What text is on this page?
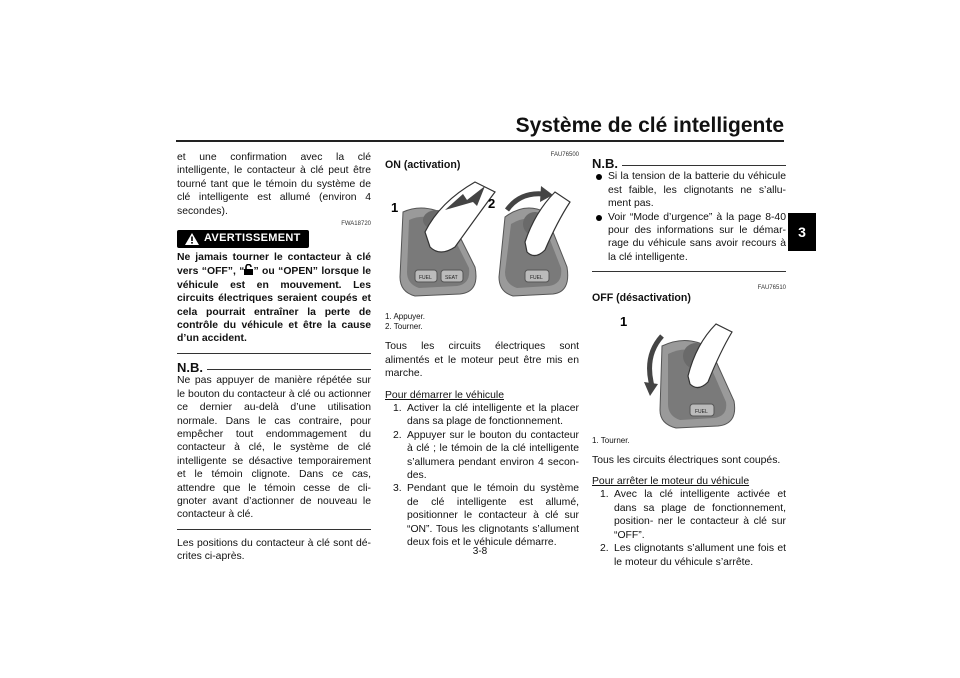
Système de clé intelligente
3

et une confirmation avec la clé intelligente, le contacteur à clé peut être tourné tant que le témoin du système de clé intelligente est allumé (environ 4 secondes).

FWA18720
AVERTISSEMENT

Ne jamais tourner le contacteur à clé vers “OFF”, “ ” ou “OPEN” lorsque le véhicule est en mouvement. Les circuits électriques seraient coupés et cela pourrait entraîner la perte de contrôle du véhicule et être la cause d’un accident.

N.B.

Ne pas appuyer de manière répétée sur le bouton du contacteur à clé ou actionner ce dernier au-delà d’une utilisation normale. Dans le cas contraire, pour empêcher tout endommagement du contacteur à clé, le système de clé intelligente se désactive temporairement et le témoin clignote. Dans ce cas, attendre que le témoin cesse de cli- gnoter avant d’actionner de nouveau le contacteur à clé.

Les positions du contacteur à clé sont dé- crites ci-après.

FAU76500
ON (activation)
FUEL	SEAT	FUEL
1	2
1. Appuyer.
2. Tourner.

Tous les circuits électriques sont alimentés et le moteur peut être mis en marche.

Pour démarrer le véhicule

1. Activer la clé intelligente et la placer dans sa plage de fonctionnement.
2. Appuyer sur le bouton du contacteur à clé ; le témoin de la clé intelligente s’allumera pendant environ 4 secon- des.
3. Pendant que le témoin du système de clé intelligente est allumé, positionner le contacteur à clé sur “ON”. Tous les clignotants s’allument deux fois et le véhicule démarre.
N.B.
Si la tension de la batterie du véhicule est faible, les clignotants ne s’allu- ment pas.
Voir “Mode d’urgence” à la page 8-40 pour des informations sur le démar- rage du véhicule sans avoir recours à la clé intelligente.
FAU76510
OFF (désactivation)
FUEL
1
1. Tourner.

Tous les circuits électriques sont coupés.

Pour arrêter le moteur du véhicule

1. Avec la clé intelligente activée et dans sa plage de fonctionnement, position- ner le contacteur à clé sur “OFF”.
2. Les clignotants s’allument une fois et le moteur du véhicule s’arrête.
3-8
